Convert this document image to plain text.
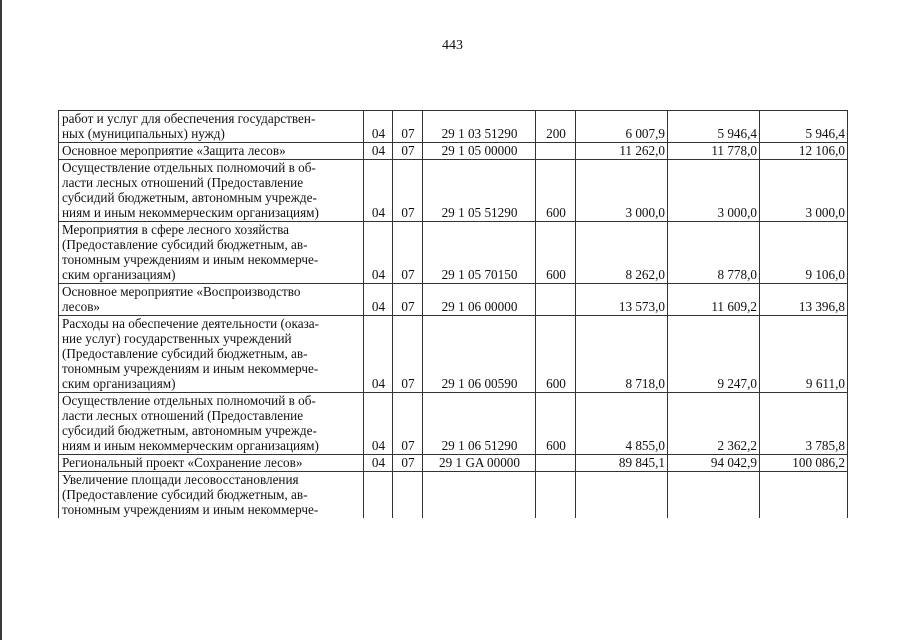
443
работ и услуг для обеспечения государствен-
ных (муниципальных) нужд)	04	07	29 1 03 51290	200	6 007,9	5 946,4	5 946,4

Основное мероприятие «Защита лесов»	04	07	29 1 05 00000		11 262,0	11 778,0	12 106,0

Осуществление отдельных полномочий в об-
ласти лесных отношений (Предоставление
субсидий бюджетным, автономным учрежде-
ниям и иным некоммерческим организациям)	04	07	29 1 05 51290	600	3 000,0	3 000,0	3 000,0

Мероприятия в сфере лесного хозяйства
(Предоставление субсидий бюджетным, ав-
тономным учреждениям и иным некоммерче-
ским организациям)	04	07	29 1 05 70150	600	8 262,0	8 778,0	9 106,0

Основное мероприятие «Воспроизводство
лесов»	04	07	29 1 06 00000		13 573,0	11 609,2	13 396,8

Расходы на обеспечение деятельности (оказа-
ние услуг) государственных учреждений
(Предоставление субсидий бюджетным, ав-
тономным учреждениям и иным некоммерче-
ским организациям)	04	07	29 1 06 00590	600	8 718,0	9 247,0	9 611,0

Осуществление отдельных полномочий в об-
ласти лесных отношений (Предоставление
субсидий бюджетным, автономным учрежде-
ниям и иным некоммерческим организациям)	04	07	29 1 06 51290	600	4 855,0	2 362,2	3 785,8

Региональный проект «Сохранение лесов»	04	07	29 1 GA 00000		89 845,1	94 042,9	100 086,2

Увеличение площади лесовосстановления
(Предоставление субсидий бюджетным, ав-
тономным учреждениям и иным некоммерче-							
